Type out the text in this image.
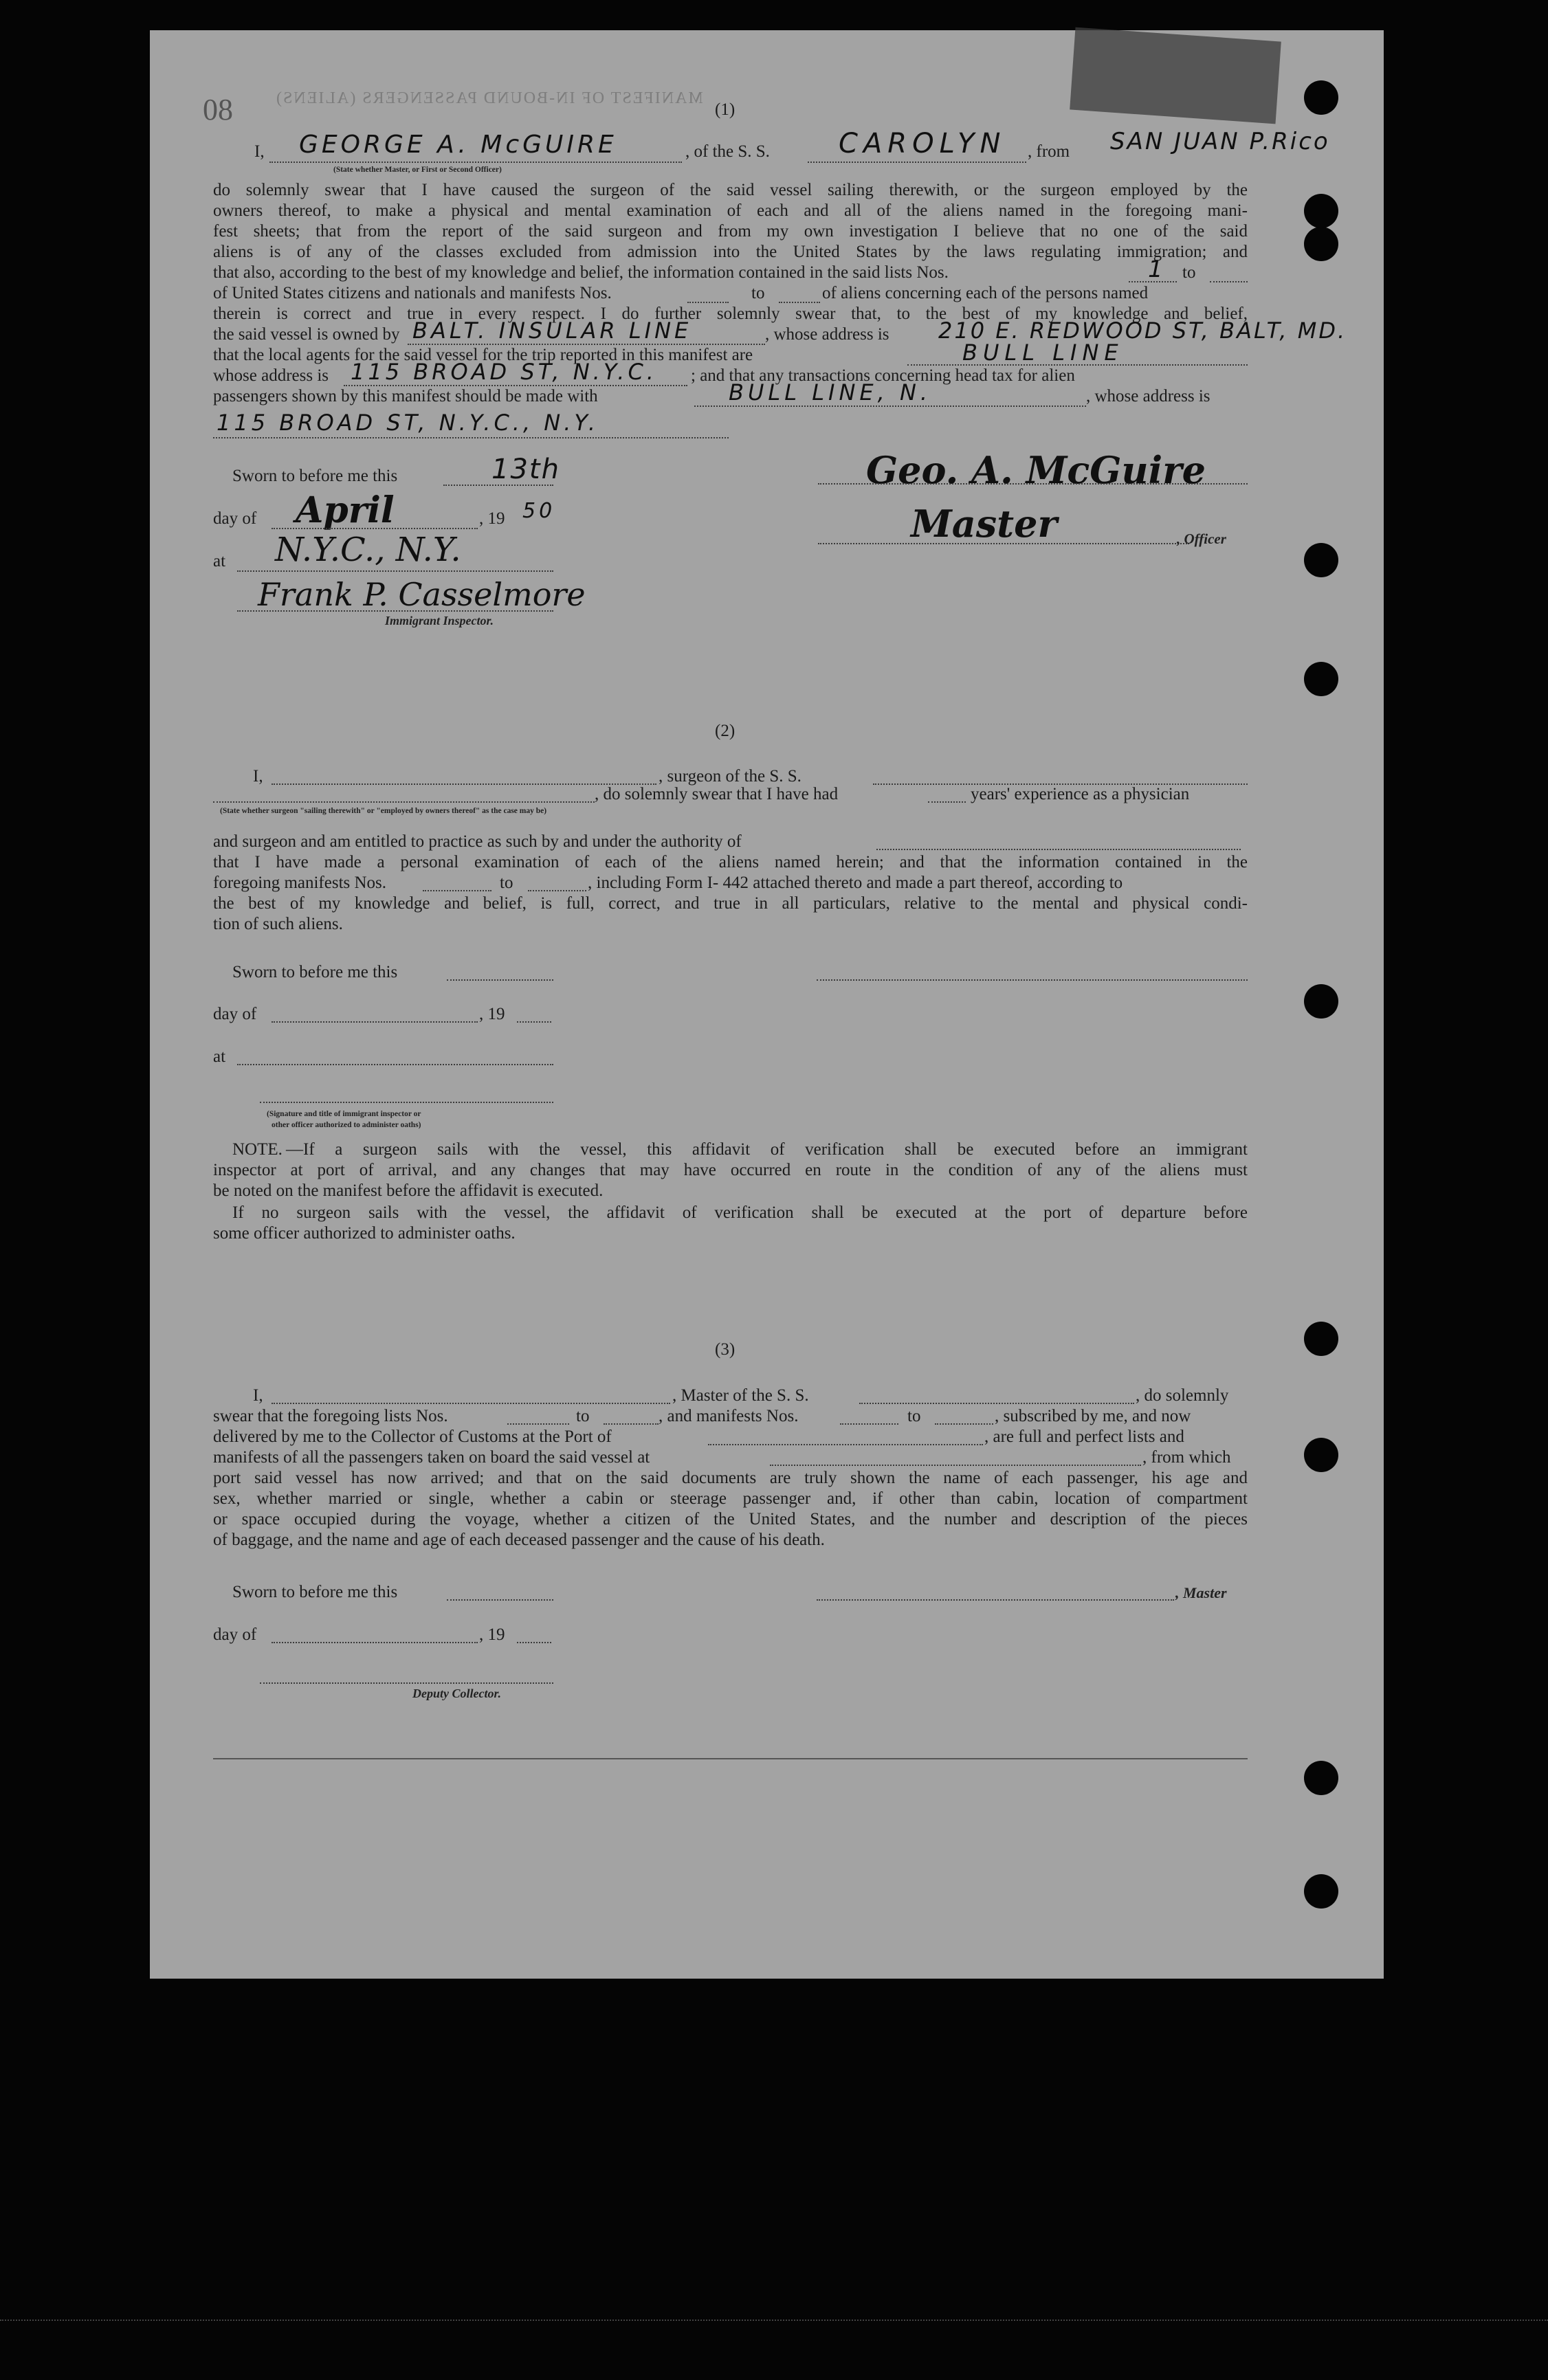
MANIFEST OF IN-BOUND PASSENGERS (ALIENS)
08	(1)
I, GEORGE A. McGUIRE	, of the S. S.	CAROLYN , from SAN JUAN P.Rico
(State whether Master, or First or Second Officer)
do solemnly swear that I have caused the surgeon of the said vessel sailing therewith, or the surgeon employed by the
owners thereof, to make a physical and mental examination of each and all of the aliens named in the foregoing mani-
fest sheets; that from the report of the said surgeon and from my own investigation I believe that no one of the said
aliens is of any of the classes excluded from admission into the United States by the laws regulating immigration; and
that also, according to the best of my knowledge and belief, the information contained in the said lists Nos.	1 to
of United States citizens and nationals and manifests Nos.	to	of aliens concerning each of the persons named
therein is correct and true in every respect. I do further solemnly swear that, to the best of my knowledge and belief,
the said vessel is owned by BALT. INSULAR LINE	, whose address is 210 E. REDWOOD ST, BALT, MD.
that the local agents for the said vessel for the trip reported in this manifest are	BULL LINE
whose address is 115 BROAD ST, N.Y.C. ; and that any transactions concerning head tax for alien
passengers shown by this manifest should be made with	BULL LINE, N.	, whose address is
115 BROAD ST, N.Y.C., N.Y.
Sworn to before me this	13th
day of April	, 19 50
at N.Y.C., N.Y.
Frank P. Casselmore
Immigrant Inspector.
Geo. A. McGuire
Master	, Officer
(2)
I,	, surgeon of the S. S.
, do solemnly swear that I have had	years' experience as a physician
(State whether surgeon "sailing therewith" or "employed by owners thereof" as the case may be)
and surgeon and am entitled to practice as such by and under the authority of
that I have made a personal examination of each of the aliens named herein; and that the information contained in the
foregoing manifests Nos.	to	, including Form I- 442 attached thereto and made a part thereof, according to
the best of my knowledge and belief, is full, correct, and true in all particulars, relative to the mental and physical condi-
tion of such aliens.
Sworn to before me this
day of	, 19
at
(Signature and title of immigrant inspector or
other officer authorized to administer oaths)
NOTE. —If a surgeon sails with the vessel, this affidavit of verification shall be executed before an immigrant
inspector at port of arrival, and any changes that may have occurred en route in the condition of any of the aliens must
be noted on the manifest before the affidavit is executed.
If no surgeon sails with the vessel, the affidavit of verification shall be executed at the port of departure before
some officer authorized to administer oaths.
(3)
I,	, Master of the S. S.	, do solemnly
swear that the foregoing lists Nos.	to	, and manifests Nos.	to	, subscribed by me, and now
delivered by me to the Collector of Customs at the Port of	, are full and perfect lists and
manifests of all the passengers taken on board the said vessel at	, from which
port said vessel has now arrived; and that on the said documents are truly shown the name of each passenger, his age and
sex, whether married or single, whether a cabin or steerage passenger and, if other than cabin, location of compartment
or space occupied during the voyage, whether a citizen of the United States, and the number and description of the pieces
of baggage, and the name and age of each deceased passenger and the cause of his death.
Sworn to before me this	, Master
day of	, 19
Deputy Collector.
